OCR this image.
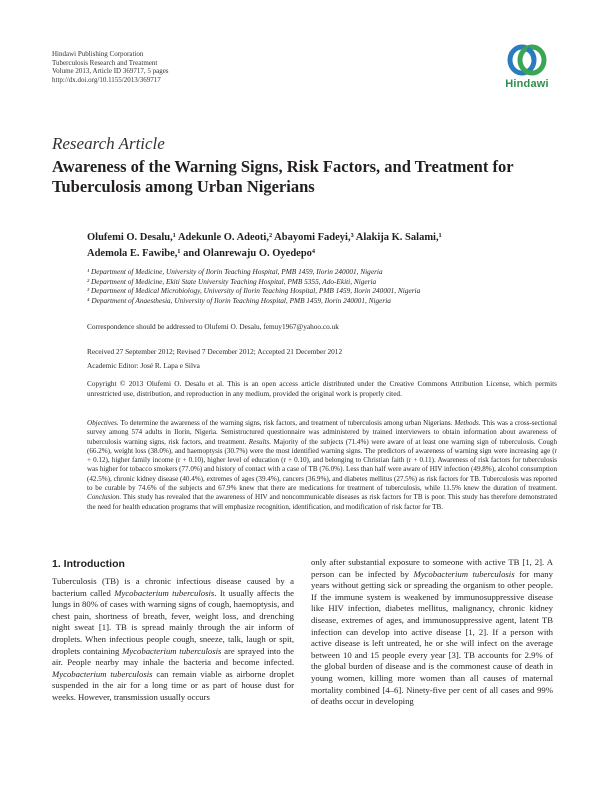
Hindawi Publishing Corporation
Tuberculosis Research and Treatment
Volume 2013, Article ID 369717, 5 pages
http://dx.doi.org/10.1155/2013/369717	Hindawi
Research Article
Awareness of the Warning Signs, Risk Factors, and Treatment for Tuberculosis among Urban Nigerians
Olufemi O. Desalu,¹ Adekunle O. Adeoti,² Abayomi Fadeyi,³ Alakija K. Salami,¹
Ademola E. Fawibe,¹ and Olanrewaju O. Oyedepo⁴
¹ Department of Medicine, University of Ilorin Teaching Hospital, PMB 1459, Ilorin 240001, Nigeria
² Department of Medicine, Ekiti State University Teaching Hospital, PMB 5355, Ado-Ekiti, Nigeria
³ Department of Medical Microbiology, University of Ilorin Teaching Hospital, PMB 1459, Ilorin 240001, Nigeria
⁴ Department of Anaesthesia, University of Ilorin Teaching Hospital, PMB 1459, Ilorin 240001, Nigeria
Correspondence should be addressed to Olufemi O. Desalu, femuy1967@yahoo.co.uk
Received 27 September 2012; Revised 7 December 2012; Accepted 21 December 2012
Academic Editor: José R. Lapa e Silva
Copyright © 2013 Olufemi O. Desalu et al. This is an open access article distributed under the Creative Commons Attribution License, which permits unrestricted use, distribution, and reproduction in any medium, provided the original work is properly cited.
Objectives. To determine the awareness of the warning signs, risk factors, and treatment of tuberculosis among urban Nigerians. Methods. This was a cross-sectional survey among 574 adults in Ilorin, Nigeria. Semistructured questionnaire was administered by trained interviewers to obtain information about awareness of tuberculosis warning signs, risk factors, and treatment. Results. Majority of the subjects (71.4%) were aware of at least one warning sign of tuberculosis. Cough (66.2%), weight loss (38.0%), and haemoptysis (30.7%) were the most identified warning signs. The predictors of awareness of warning sign were increasing age (r + 0.12), higher family income (r + 0.10), higher level of education (r + 0.10), and belonging to Christian faith (r + 0.11). Awareness of risk factors for tuberculosis was higher for tobacco smokers (77.0%) and history of contact with a case of TB (76.0%). Less than half were aware of HIV infection (49.8%), alcohol consumption (42.5%), chronic kidney disease (40.4%), extremes of ages (39.4%), cancers (36.9%), and diabetes mellitus (27.5%) as risk factors for TB. Tuberculosis was reported to be curable by 74.6% of the subjects and 67.9% knew that there are medications for treatment of tuberculosis, while 11.5% knew the duration of treatment. Conclusion. This study has revealed that the awareness of HIV and noncommunicable diseases as risk factors for TB is poor. This study has therefore demonstrated the need for health education programs that will emphasize recognition, identification, and modification of risk factor for TB.
1. Introduction
Tuberculosis (TB) is a chronic infectious disease caused by a bacterium called Mycobacterium tuberculosis. It usually affects the lungs in 80% of cases with warning signs of cough, haemoptysis, and chest pain, shortness of breath, fever, weight loss, and drenching night sweat [1]. TB is spread mainly through the air inform of droplets. When infectious people cough, sneeze, talk, laugh or spit, droplets containing Mycobacterium tuberculosis are sprayed into the air. People nearby may inhale the bacteria and become infected. Mycobacterium tuberculosis can remain viable as airborne droplet suspended in the air for a long time or as part of house dust for weeks. However, transmission usually occurs
only after substantial exposure to someone with active TB [1, 2]. A person can be infected by Mycobacterium tuberculosis for many years without getting sick or spreading the organism to other people. If the immune system is weakened by immunosuppressive disease like HIV infection, diabetes mellitus, malignancy, chronic kidney disease, extremes of ages, and immunosuppressive agent, latent TB infection can develop into active disease [1, 2]. If a person with active disease is left untreated, he or she will infect on the average between 10 and 15 people every year [3]. TB accounts for 2.9% of the global burden of disease and is the commonest cause of death in young women, killing more women than all causes of maternal mortality combined [4–6]. Ninety-five per cent of all cases and 99% of deaths occur in developing
